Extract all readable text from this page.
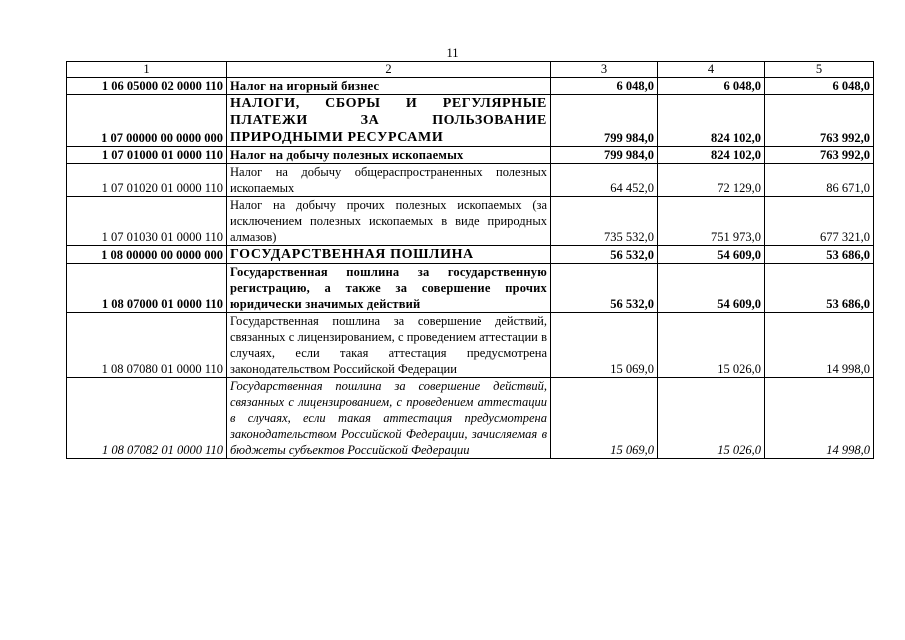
11
1	2	3	4	5
1 06 05000 02 0000 110	Налог на игорный бизнес	6 048,0	6 048,0	6 048,0
1 07 00000 00 0000 000	НАЛОГИ, СБОРЫ И РЕГУЛЯРНЫЕ ПЛАТЕЖИ ЗА ПОЛЬЗОВАНИЕ ПРИРОДНЫМИ РЕСУРСАМИ	799 984,0	824 102,0	763 992,0
1 07 01000 01 0000 110	Налог на добычу полезных ископаемых	799 984,0	824 102,0	763 992,0
1 07 01020 01 0000 110	Налог на добычу общераспространенных полезных ископаемых	64 452,0	72 129,0	86 671,0
1 07 01030 01 0000 110	Налог на добычу прочих полезных ископаемых (за исключением полезных ископаемых в виде природных алмазов)	735 532,0	751 973,0	677 321,0
1 08 00000 00 0000 000	ГОСУДАРСТВЕННАЯ ПОШЛИНА	56 532,0	54 609,0	53 686,0
1 08 07000 01 0000 110	Государственная пошлина за государственную регистрацию, а также за совершение прочих юридически значимых действий	56 532,0	54 609,0	53 686,0
1 08 07080 01 0000 110	Государственная пошлина за совершение действий, связанных с лицензированием, с проведением аттестации в случаях, если такая аттестация предусмотрена законодательством Российской Федерации	15 069,0	15 026,0	14 998,0
1 08 07082 01 0000 110	Государственная пошлина за совершение действий, связанных с лицензированием, с проведением аттестации в случаях, если такая аттестация предусмотрена законодательством Российской Федерации, зачисляемая в бюджеты субъектов Российской Федерации	15 069,0	15 026,0	14 998,0
